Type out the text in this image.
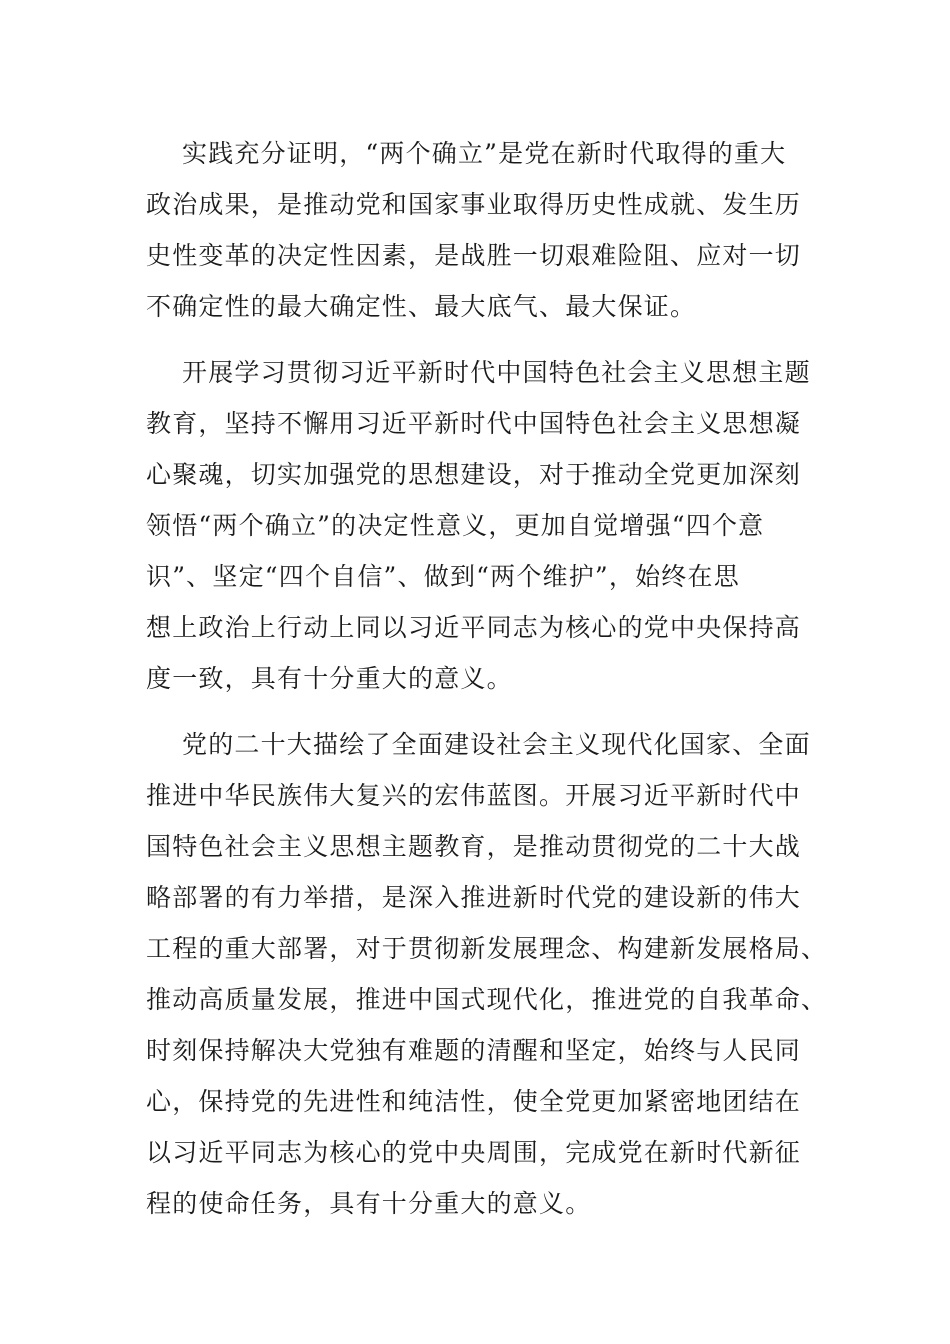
实践充分证明，“两个确立”是党在新时代取得的重大
政治成果，是推动党和国家事业取得历史性成就、发生历
史性变革的决定性因素，是战胜一切艰难险阻、应对一切
不确定性的最大确定性、最大底气、最大保证。
开展学习贯彻习近平新时代中国特色社会主义思想主题
教育，坚持不懈用习近平新时代中国特色社会主义思想凝
心聚魂，切实加强党的思想建设，对于推动全党更加深刻
领悟“两个确立”的决定性意义，更加自觉增强“四个意
识”、坚定“四个自信”、做到“两个维护”，始终在思
想上政治上行动上同以习近平同志为核心的党中央保持高
度一致，具有十分重大的意义。
党的二十大描绘了全面建设社会主义现代化国家、全面
推进中华民族伟大复兴的宏伟蓝图。开展习近平新时代中
国特色社会主义思想主题教育，是推动贯彻党的二十大战
略部署的有力举措，是深入推进新时代党的建设新的伟大
工程的重大部署，对于贯彻新发展理念、构建新发展格局、
推动高质量发展，推进中国式现代化，推进党的自我革命、
时刻保持解决大党独有难题的清醒和坚定，始终与人民同
心，保持党的先进性和纯洁性，使全党更加紧密地团结在
以习近平同志为核心的党中央周围，完成党在新时代新征
程的使命任务，具有十分重大的意义。
